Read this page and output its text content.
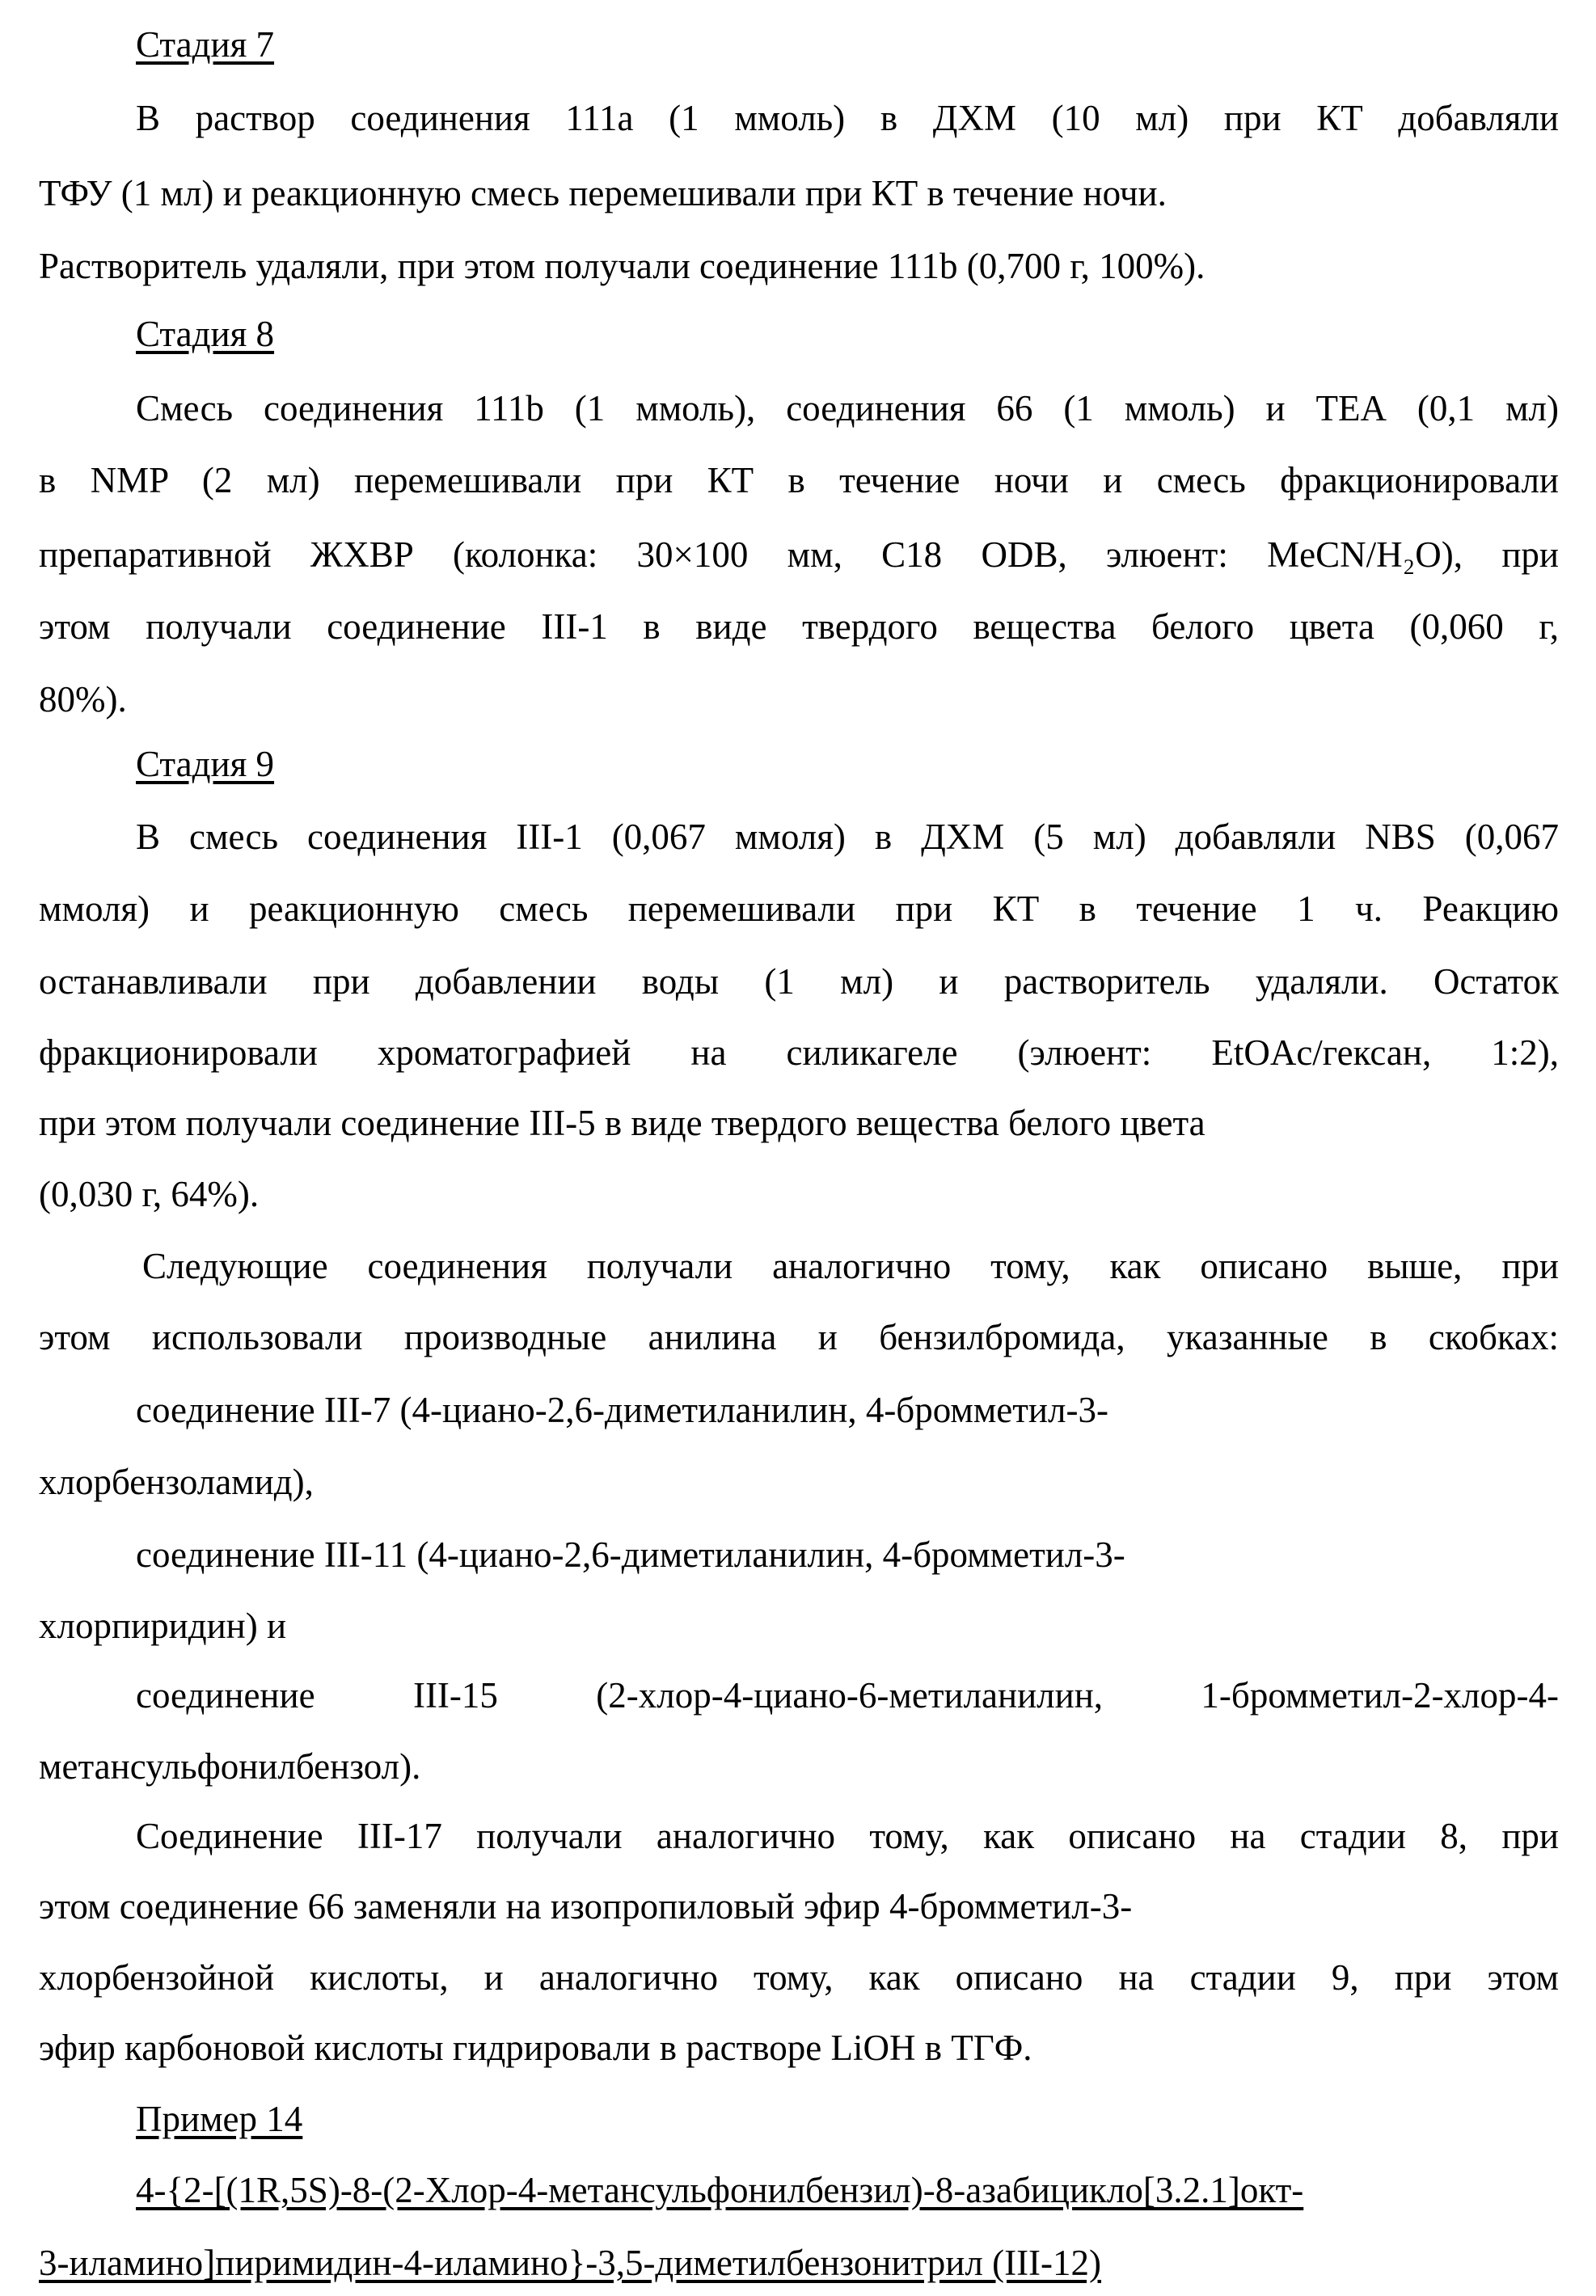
Стадия 7
В раствор соединения 111a (1 ммоль) в ДХМ (10 мл) при КТ добавляли
ТФУ (1 мл) и реакционную смесь перемешивали при КТ в течение ночи.
Растворитель удаляли, при этом получали соединение 111b (0,700 г, 100%).
Стадия 8
Смесь соединения 111b (1 ммоль), соединения 66 (1 ммоль) и ТЕА (0,1 мл)
в NMP (2 мл) перемешивали при КТ в течение ночи и смесь фракционировали
препаративной ЖХВР (колонка: 30×100 мм, C18 ODB, элюент: MeCN/H₂O), при
этом получали соединение III-1 в виде твердого вещества белого цвета (0,060 г,
80%).
Стадия 9
В смесь соединения III-1 (0,067 ммоля) в ДХМ (5 мл) добавляли NBS (0,067
ммоля) и реакционную смесь перемешивали при КТ в течение 1 ч. Реакцию
останавливали при добавлении воды (1 мл) и растворитель удаляли. Остаток
фракционировали хроматографией на силикагеле (элюент: EtOAc/гексан, 1:2),
при этом получали соединение III-5 в виде твердого вещества белого цвета
(0,030 г, 64%).
Следующие соединения получали аналогично тому, как описано выше, при
этом использовали производные анилина и бензилбромида, указанные в скобках:
соединение III-7 (4-циано-2,6-диметиланилин, 4-бромметил-3-
хлорбензоламид),
соединение III-11 (4-циано-2,6-диметиланилин, 4-бромметил-3-
хлорпиридин) и
соединение III-15 (2-хлор-4-циано-6-метиланилин, 1-бромметил-2-хлор-4-
метансульфонилбензол).
Соединение III-17 получали аналогично тому, как описано на стадии 8, при
этом соединение 66 заменяли на изопропиловый эфир 4-бромметил-3-
хлорбензойной кислоты, и аналогично тому, как описано на стадии 9, при этом
эфир карбоновой кислоты гидрировали в растворе LiOH в ТГФ.
Пример 14
4-{2-[(1R,5S)-8-(2-Хлор-4-метансульфонилбензил)-8-азабицикло[3.2.1]окт-
3-иламино]пиримидин-4-иламино}-3,5-диметилбензонитрил (III-12)
